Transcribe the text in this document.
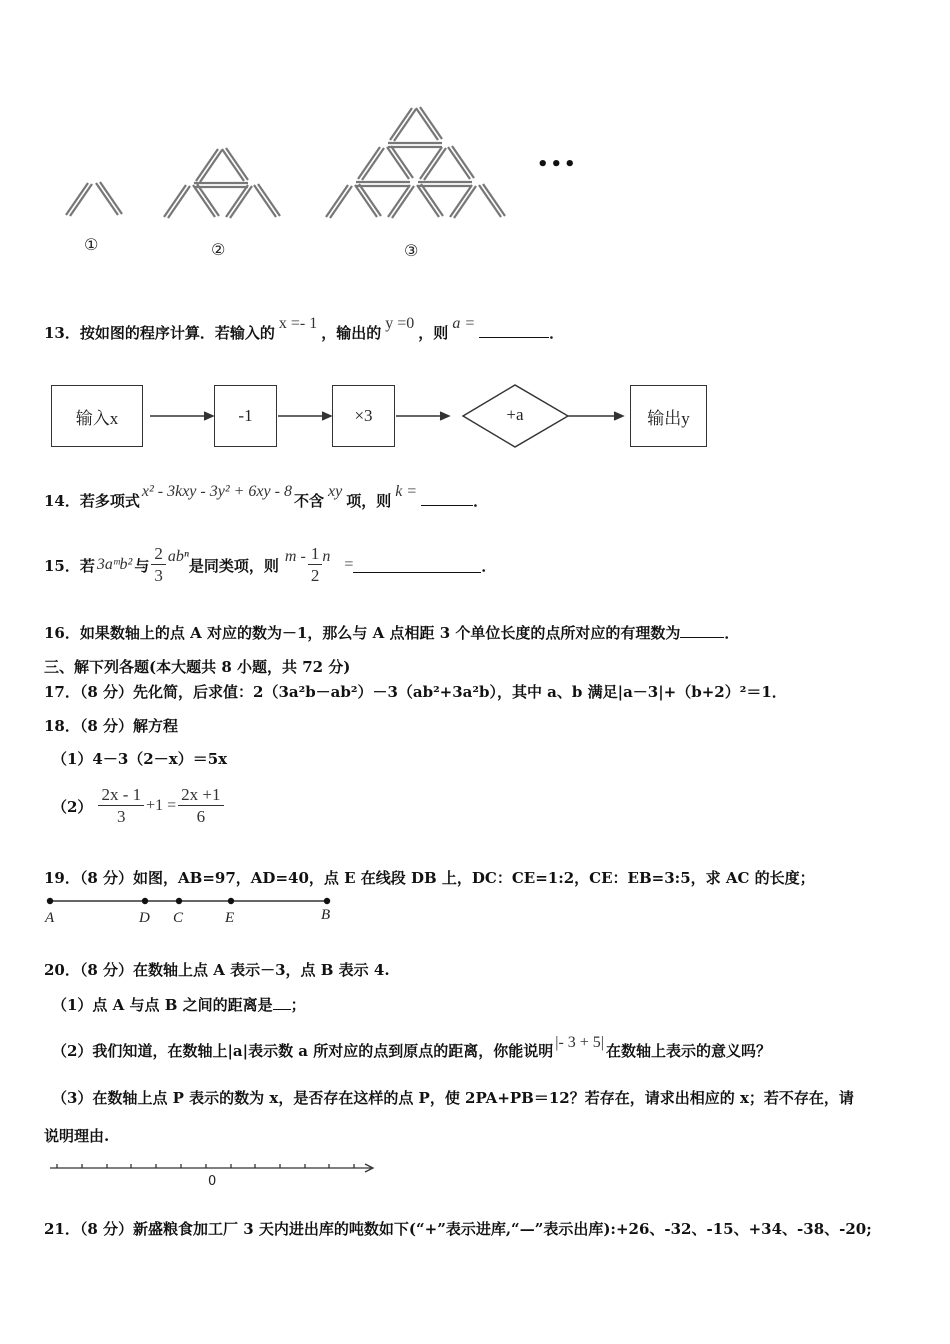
①	②	③
•••
13．按如图的程序计算．若输入的x =- 1，输出的y =0，则a =．
输入x	-1	×3	输出y
+a
14．若多项式x² - 3kxy - 3y² + 6xy - 8不含xy项，则k =．
15．若 3aᵐb² 与 $\frac{2}{3}$ abⁿ 是同类项，则 m - $\frac{1}{2}$ n =	．
16．如果数轴上的点 A 对应的数为－1，那么与 A 点相距 3 个单位长度的点所对应的有理数为	．
三、解下列各题(本大题共 8 小题，共 72 分)
17．（8 分）先化简，后求值：2（3a²b－ab²）－3（ab²+3a²b），其中 a、b 满足|a－3|+（b+2）²＝1．
18．（8 分）解方程
（1）4－3（2－x）＝5x
$(2) \frac{2x - 1}{3} +1 = \frac{2x +1}{6}$
19．（8 分）如图，AB=97，AD=40，点 E 在线段 DB 上，DC：CE=1:2，CE：EB=3:5，求 AC 的长度；
A	D C	E	B
20．（8 分）在数轴上点 A 表示－3，点 B 表示 4.
（1）点 A 与点 B 之间的距离是 ；
（2）我们知道，在数轴上|a|表示数 a 所对应的点到原点的距离，你能说明 |- 3 + 5| 在数轴上表示的意义吗？
（3）在数轴上点 P 表示的数为 x，是否存在这样的点 P，使 2PA+PB＝12？若存在，请求出相应的 x；若不存在，请
说明理由.
0
21．（8 分）新盛粮食加工厂 3 天内进出库的吨数如下(“+”表示进库,“—”表示出库):+26、-32、-15、+34、-38、-20;
